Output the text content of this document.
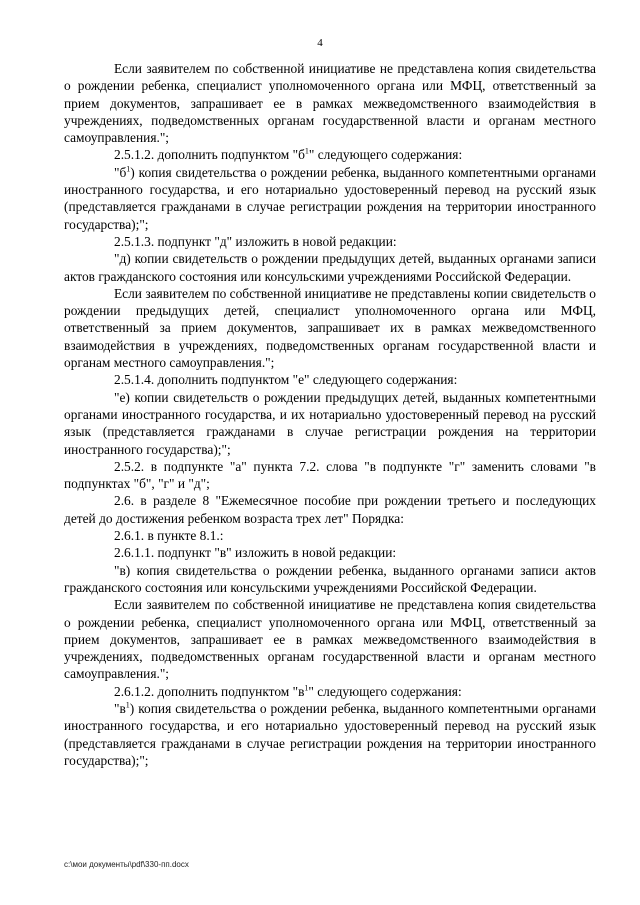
4

Если заявителем по собственной инициативе не представлена копия свидетельства о рождении ребенка, специалист уполномоченного органа или МФЦ, ответственный за прием документов, запрашивает ее в рамках межведомственного взаимодействия в учреждениях, подведомственных органам государственной власти и органам местного самоуправления.";

2.5.1.2. дополнить подпунктом "$б^1$" следующего содержания:

"$б^1$) копия свидетельства о рождении ребенка, выданного компетентными органами иностранного государства, и его нотариально удостоверенный перевод на русский язык (представляется гражданами в случае регистрации рождения на территории иностранного государства);";

2.5.1.3. подпункт "д" изложить в новой редакции:

"д) копии свидетельств о рождении предыдущих детей, выданных органами записи актов гражданского состояния или консульскими учреждениями Российской Федерации.

Если заявителем по собственной инициативе не представлены копии свидетельств о рождении предыдущих детей, специалист уполномоченного органа или МФЦ, ответственный за прием документов, запрашивает их в рамках межведомственного взаимодействия в учреждениях, подведомственных органам государственной власти и органам местного самоуправления.";

2.5.1.4. дополнить подпунктом "е" следующего содержания:

"е) копии свидетельств о рождении предыдущих детей, выданных компетентными органами иностранного государства, и их нотариально удостоверенный перевод на русский язык (представляется гражданами в случае регистрации рождения на территории иностранного государства);";

2.5.2. в подпункте "а" пункта 7.2. слова "в подпункте "г" заменить словами "в подпунктах "б", "г" и "д";

2.6. в разделе 8 "Ежемесячное пособие при рождении третьего и последующих детей до достижения ребенком возраста трех лет" Порядка:

2.6.1. в пункте 8.1.:

2.6.1.1. подпункт "в" изложить в новой редакции:

"в) копия свидетельства о рождении ребенка, выданного органами записи актов гражданского состояния или консульскими учреждениями Российской Федерации.

Если заявителем по собственной инициативе не представлена копия свидетельства о рождении ребенка, специалист уполномоченного органа или МФЦ, ответственный за прием документов, запрашивает ее в рамках межведомственного взаимодействия в учреждениях, подведомственных органам государственной власти и органам местного самоуправления.";

2.6.1.2. дополнить подпунктом "$в^1$" следующего содержания:

"$в^1$) копия свидетельства о рождении ребенка, выданного компетентными органами иностранного государства, и его нотариально удостоверенный перевод на русский язык (представляется гражданами в случае регистрации рождения на территории иностранного государства);";

c:\мои документы\pdf\330-пп.docx
